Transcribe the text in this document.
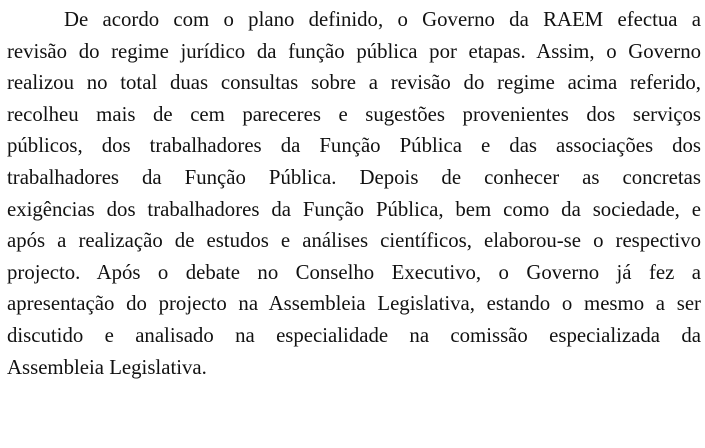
De acordo com o plano definido, o Governo da RAEM efectua a
revisão do regime jurídico da função pública por etapas. Assim, o Governo
realizou no total duas consultas sobre a revisão do regime acima referido,
recolheu mais de cem pareceres e sugestões provenientes dos serviços
públicos, dos trabalhadores da Função Pública e das associações dos
trabalhadores da Função Pública. Depois de conhecer as concretas
exigências dos trabalhadores da Função Pública, bem como da sociedade, e
após a realização de estudos e análises científicos, elaborou-se o respectivo
projecto. Após o debate no Conselho Executivo, o Governo já fez a
apresentação do projecto na Assembleia Legislativa, estando o mesmo a ser
discutido e analisado na especialidade na comissão especializada da
Assembleia Legislativa.
